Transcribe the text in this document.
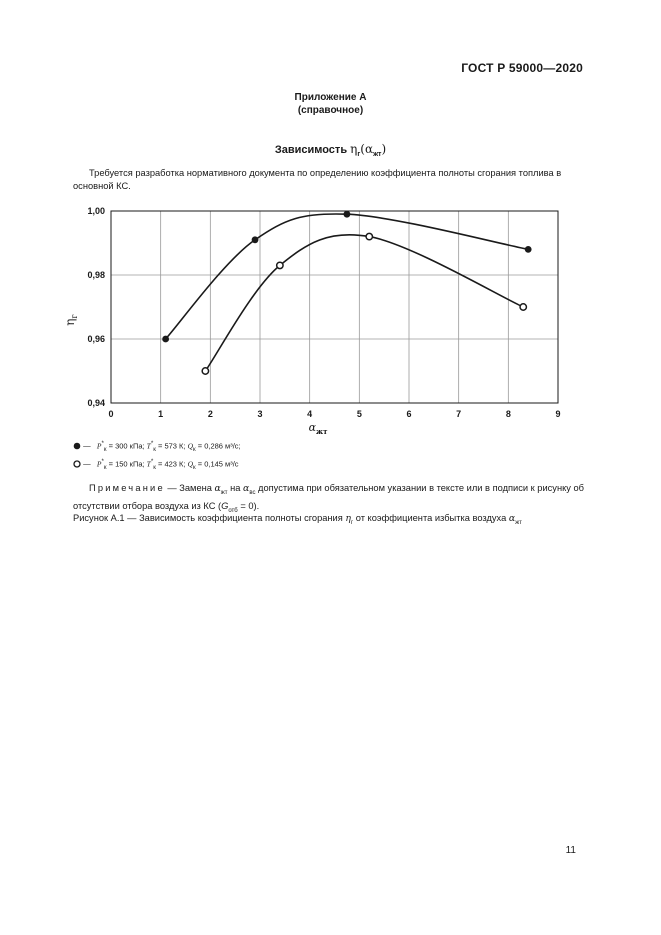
ГОСТ Р 59000—2020
Приложение А
(справочное)
Зависимость $\eta_г(\alpha_{жт})$
Требуется разработка нормативного документа по определению коэффициента полноты сгорания топлива в основной КС.
0	1	2	3	4	5	6	7	8	9
0,94
0,96
0,98
1,00
$\eta_г$
$\alpha_{жт}$
— $P^*_к = 300$ кПа; $T^*_к = 573$ К; $Q_к = 0,286$ м³/с;
— $P^*_к = 150$ кПа; $T^*_к = 423$ К; $Q_к = 0,145$ м³/с
Примечание — Замена $\alpha_{жт}$ на $\alpha_{вс}$ допустима при обязательном указании в тексте или в подписи к рисунку об отсутствии отбора воздуха из КС $(G_{отб} = 0)$.
Рисунок А.1 — Зависимость коэффициента полноты сгорания $\eta_г$ от коэффициента избытка воздуха $\alpha_{жт}$
11
